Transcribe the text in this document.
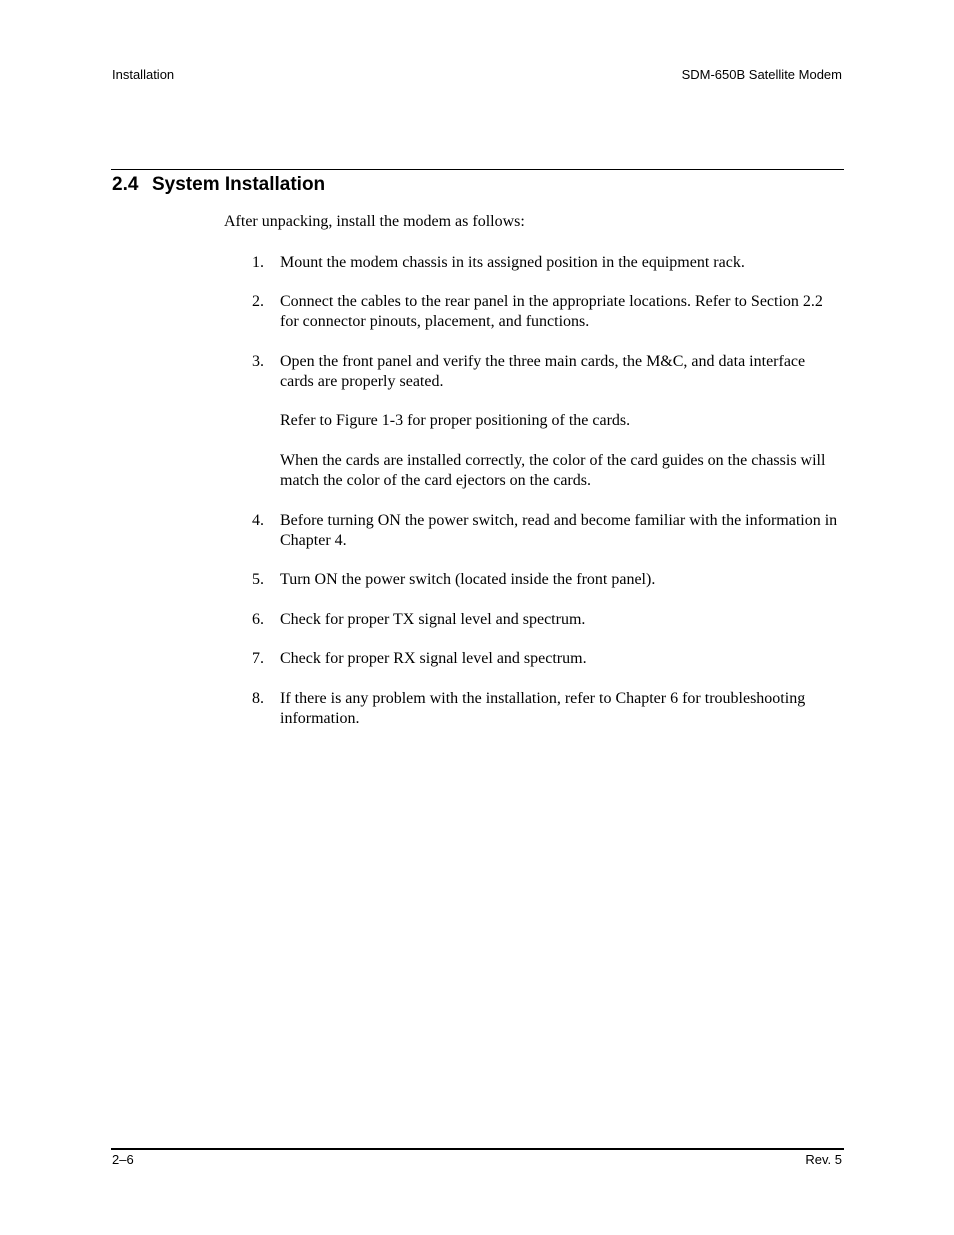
Installation	SDM-650B Satellite Modem
2.4 System Installation

After unpacking, install the modem as follows:

1. Mount the modem chassis in its assigned position in the equipment rack.
2. Connect the cables to the rear panel in the appropriate locations. Refer to Section 2.2 for connector pinouts, placement, and functions.
3. Open the front panel and verify the three main cards, the M&C, and data interface cards are properly seated.

Refer to Figure 1-3 for proper positioning of the cards.

When the cards are installed correctly, the color of the card guides on the chassis will match the color of the card ejectors on the cards.

4. Before turning ON the power switch, read and become familiar with the information in Chapter 4.
5. Turn ON the power switch (located inside the front panel).
6. Check for proper TX signal level and spectrum.
7. Check for proper RX signal level and spectrum.
8. If there is any problem with the installation, refer to Chapter 6 for troubleshooting information.
2–6	Rev. 5
